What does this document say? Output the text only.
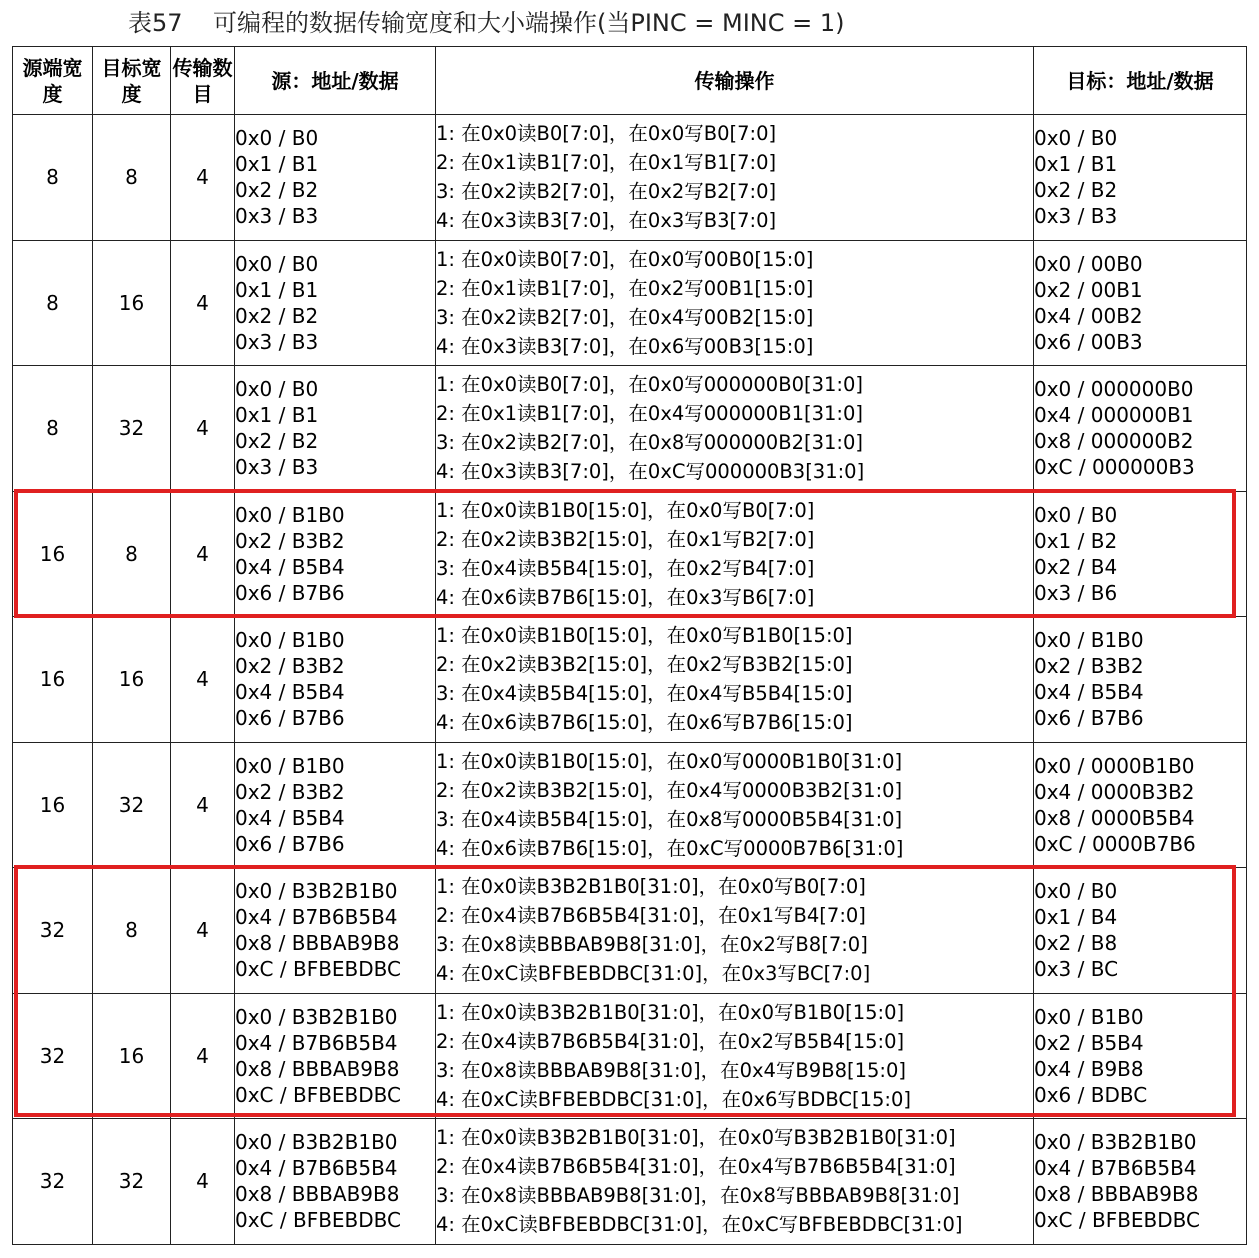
表57 可编程的数据传输宽度和大小端操作(当PINC = MINC = 1)
源端宽度	目标宽度	传输数目	源：地址/数据	传输操作	目标：地址/数据
8	8	4	0x0 / B0
0x1 / B1
0x2 / B2
0x3 / B3	1: 在0x0读B0[7:0]，在0x0写B0[7:0]
2: 在0x1读B1[7:0]，在0x1写B1[7:0]
3: 在0x2读B2[7:0]，在0x2写B2[7:0]
4: 在0x3读B3[7:0]，在0x3写B3[7:0]	0x0 / B0
0x1 / B1
0x2 / B2
0x3 / B3

8	16	4	0x0 / B0
0x1 / B1
0x2 / B2
0x3 / B3	1: 在0x0读B0[7:0]，在0x0写00B0[15:0]
2: 在0x1读B1[7:0]，在0x2写00B1[15:0]
3: 在0x2读B2[7:0]，在0x4写00B2[15:0]
4: 在0x3读B3[7:0]，在0x6写00B3[15:0]	0x0 / 00B0
0x2 / 00B1
0x4 / 00B2
0x6 / 00B3

8	32	4	0x0 / B0
0x1 / B1
0x2 / B2
0x3 / B3	1: 在0x0读B0[7:0]，在0x0写000000B0[31:0]
2: 在0x1读B1[7:0]，在0x4写000000B1[31:0]
3: 在0x2读B2[7:0]，在0x8写000000B2[31:0]
4: 在0x3读B3[7:0]，在0xC写000000B3[31:0]	0x0 / 000000B0
0x4 / 000000B1
0x8 / 000000B2
0xC / 000000B3

16	8	4	0x0 / B1B0
0x2 / B3B2
0x4 / B5B4
0x6 / B7B6	1: 在0x0读B1B0[15:0]，在0x0写B0[7:0]
2: 在0x2读B3B2[15:0]，在0x1写B2[7:0]
3: 在0x4读B5B4[15:0]，在0x2写B4[7:0]
4: 在0x6读B7B6[15:0]，在0x3写B6[7:0]	0x0 / B0
0x1 / B2
0x2 / B4
0x3 / B6

16	16	4	0x0 / B1B0
0x2 / B3B2
0x4 / B5B4
0x6 / B7B6	1: 在0x0读B1B0[15:0]，在0x0写B1B0[15:0]
2: 在0x2读B3B2[15:0]，在0x2写B3B2[15:0]
3: 在0x4读B5B4[15:0]，在0x4写B5B4[15:0]
4: 在0x6读B7B6[15:0]，在0x6写B7B6[15:0]	0x0 / B1B0
0x2 / B3B2
0x4 / B5B4
0x6 / B7B6

16	32	4	0x0 / B1B0
0x2 / B3B2
0x4 / B5B4
0x6 / B7B6	1: 在0x0读B1B0[15:0]，在0x0写0000B1B0[31:0]
2: 在0x2读B3B2[15:0]，在0x4写0000B3B2[31:0]
3: 在0x4读B5B4[15:0]，在0x8写0000B5B4[31:0]
4: 在0x6读B7B6[15:0]，在0xC写0000B7B6[31:0]	0x0 / 0000B1B0
0x4 / 0000B3B2
0x8 / 0000B5B4
0xC / 0000B7B6

32	8	4	0x0 / B3B2B1B0
0x4 / B7B6B5B4
0x8 / BBBAB9B8
0xC / BFBEBDBC	1: 在0x0读B3B2B1B0[31:0]，在0x0写B0[7:0]
2: 在0x4读B7B6B5B4[31:0]，在0x1写B4[7:0]
3: 在0x8读BBBAB9B8[31:0]，在0x2写B8[7:0]
4: 在0xC读BFBEBDBC[31:0]，在0x3写BC[7:0]	0x0 / B0
0x1 / B4
0x2 / B8
0x3 / BC

32	16	4	0x0 / B3B2B1B0
0x4 / B7B6B5B4
0x8 / BBBAB9B8
0xC / BFBEBDBC	1: 在0x0读B3B2B1B0[31:0]，在0x0写B1B0[15:0]
2: 在0x4读B7B6B5B4[31:0]，在0x2写B5B4[15:0]
3: 在0x8读BBBAB9B8[31:0]，在0x4写B9B8[15:0]
4: 在0xC读BFBEBDBC[31:0]，在0x6写BDBC[15:0]	0x0 / B1B0
0x2 / B5B4
0x4 / B9B8
0x6 / BDBC

32	32	4	0x0 / B3B2B1B0
0x4 / B7B6B5B4
0x8 / BBBAB9B8
0xC / BFBEBDBC	1: 在0x0读B3B2B1B0[31:0]，在0x0写B3B2B1B0[31:0]
2: 在0x4读B7B6B5B4[31:0]，在0x4写B7B6B5B4[31:0]
3: 在0x8读BBBAB9B8[31:0]，在0x8写BBBAB9B8[31:0]
4: 在0xC读BFBEBDBC[31:0]，在0xC写BFBEBDBC[31:0]	0x0 / B3B2B1B0
0x4 / B7B6B5B4
0x8 / BBBAB9B8
0xC / BFBEBDBC
